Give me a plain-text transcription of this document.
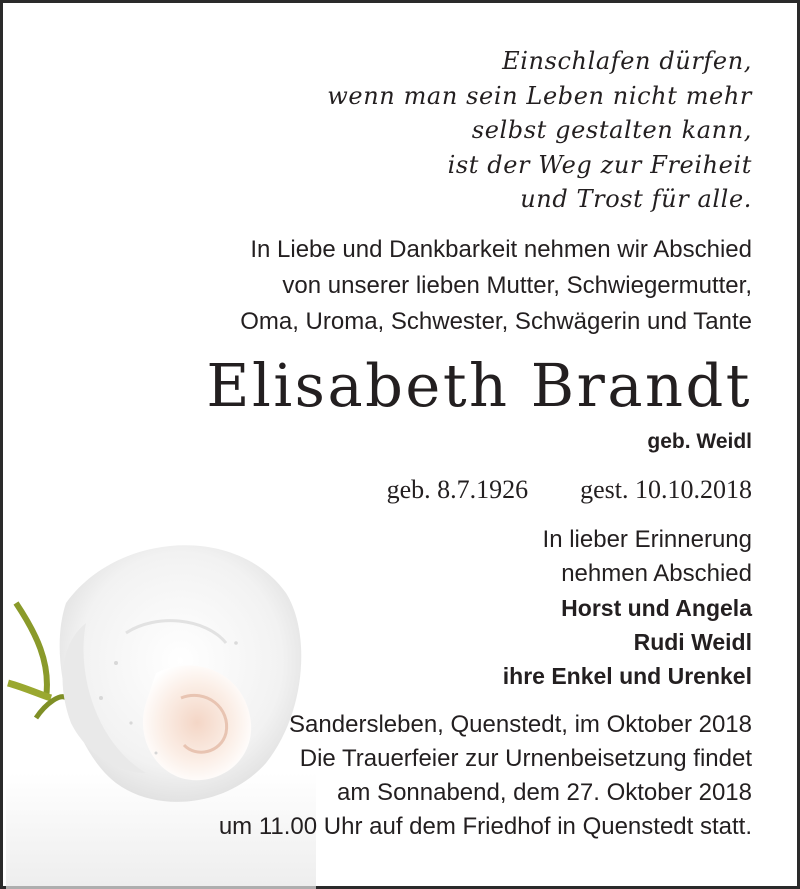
Einschlafen dürfen,
wenn man sein Leben nicht mehr
selbst gestalten kann,
ist der Weg zur Freiheit
und Trost für alle.
In Liebe und Dankbarkeit nehmen wir Abschied
von unserer lieben Mutter, Schwiegermutter,
Oma, Uroma, Schwester, Schwägerin und Tante
Elisabeth Brandt
geb. Weidl
geb. 8.7.1926 gest. 10.10.2018
In lieber Erinnerung
nehmen Abschied
Horst und Angela
Rudi Weidl
ihre Enkel und Urenkel
Sandersleben, Quenstedt, im Oktober 2018
Die Trauerfeier zur Urnenbeisetzung findet
am Sonnabend, dem 27. Oktober 2018
um 11.00 Uhr auf dem Friedhof in Quenstedt statt.
